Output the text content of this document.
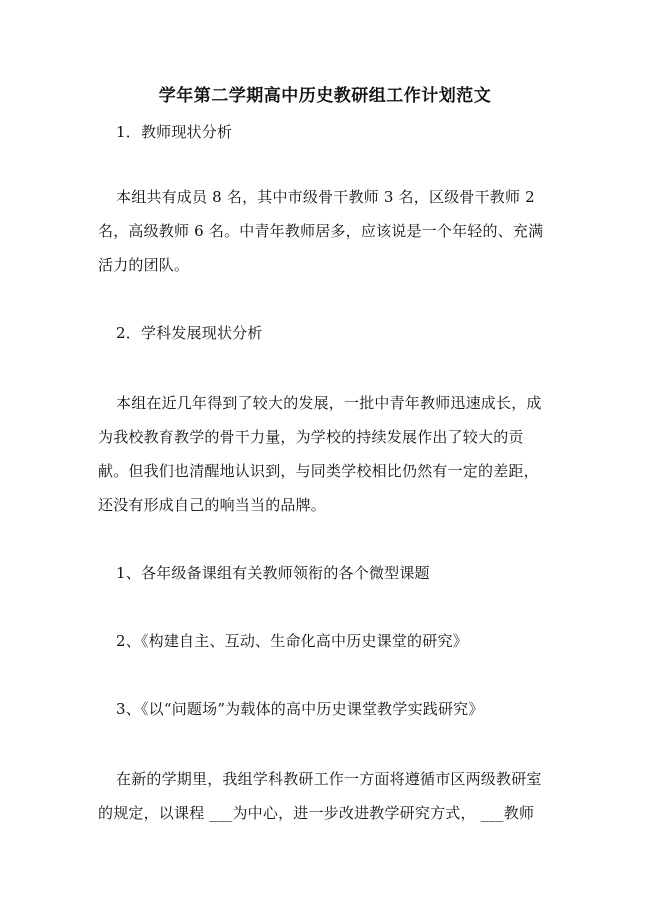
学年第二学期高中历史教研组工作计划范文
1．教师现状分析
本组共有成员 8 名，其中市级骨干教师 3 名，区级骨干教师 2
名，高级教师 6 名。中青年教师居多，应该说是一个年轻的、充满
活力的团队。
2．学科发展现状分析
本组在近几年得到了较大的发展，一批中青年教师迅速成长，成
为我校教育教学的骨干力量，为学校的持续发展作出了较大的贡
献。但我们也清醒地认识到，与同类学校相比仍然有一定的差距，
还没有形成自己的响当当的品牌。
1、各年级备课组有关教师领衔的各个微型课题
2、《构建自主、互动、生命化高中历史课堂的研究》
3、《以“问题场”为载体的高中历史课堂教学实践研究》
在新的学期里，我组学科教研工作一方面将遵循市区两级教研室
的规定，以课程 ___为中心，进一步改进教学研究方式， ___教师
